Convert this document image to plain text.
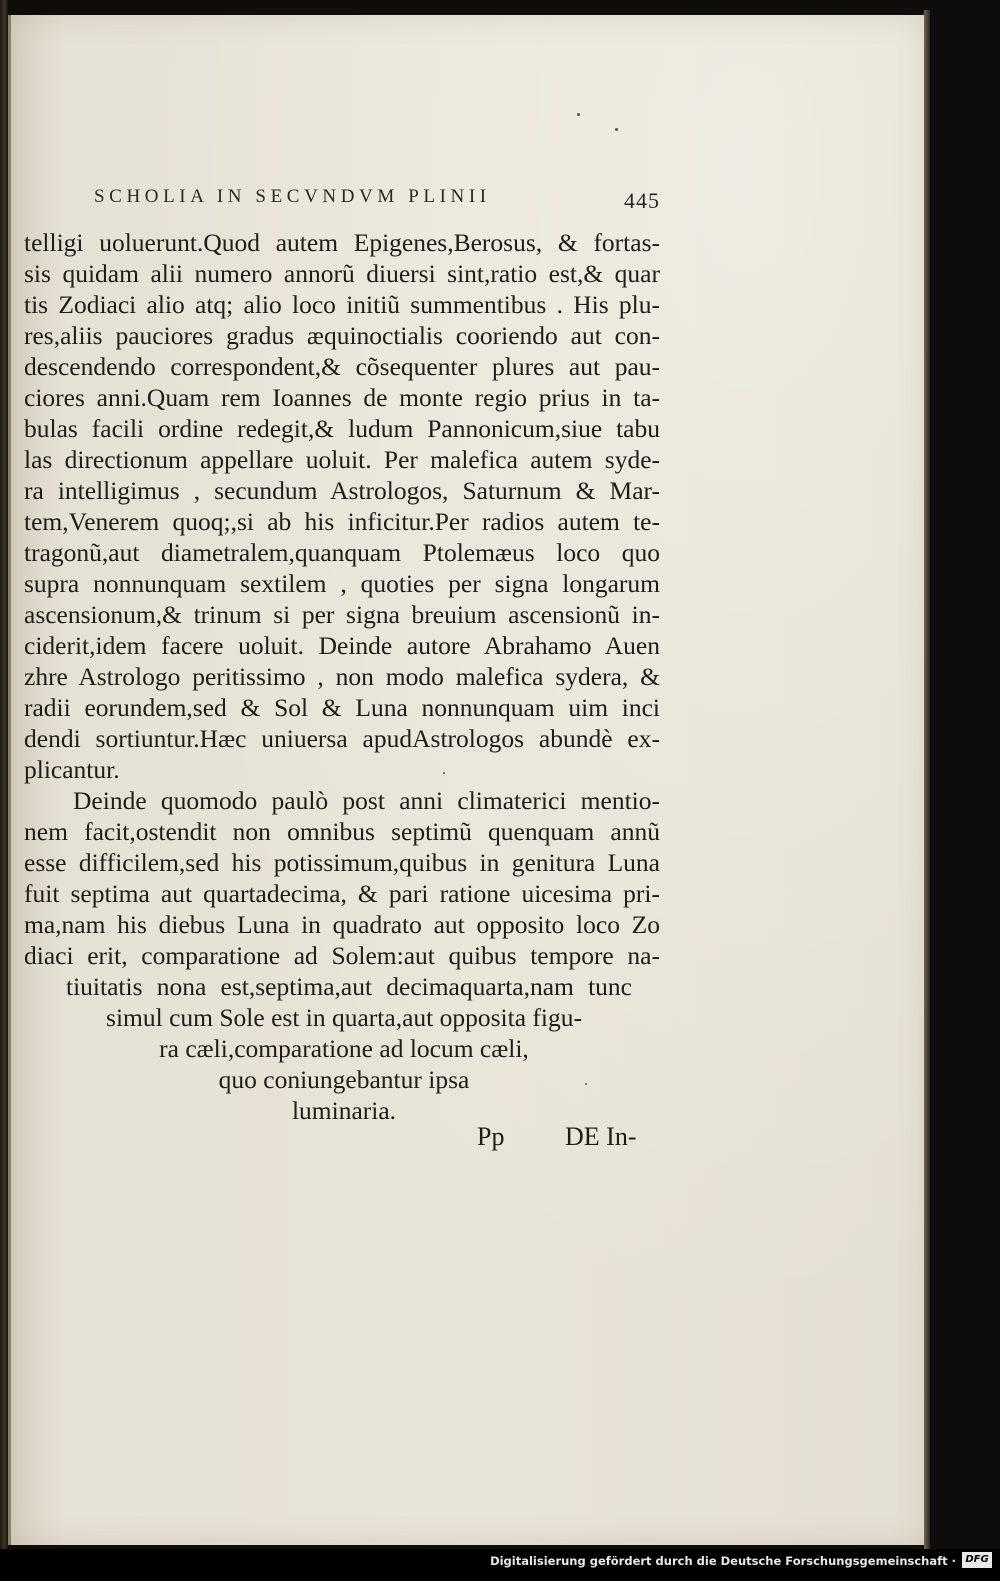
SCHOLIA IN SECVNDVM PLINII	445
telligi uoluerunt.Quod autem Epigenes,Berosus, & fortas-
sis quidam alii numero annorũ diuersi sint,ratio est,& quar
tis Zodiaci alio atq; alio loco initiũ summentibus . His plu-
res,aliis pauciores gradus æquinoctialis cooriendo aut con-
descendendo correspondent,& cõsequenter plures aut pau-
ciores anni.Quam rem Ioannes de monte regio prius in ta-
bulas facili ordine redegit,& ludum Pannonicum,siue tabu
las directionum appellare uoluit. Per malefica autem syde-
ra intelligimus , secundum Astrologos, Saturnum & Mar-
tem,Venerem quoq;,si ab his inficitur.Per radios autem te-
tragonũ,aut diametralem,quanquam Ptolemæus loco quo
supra nonnunquam sextilem , quoties per signa longarum
ascensionum,& trinum si per signa breuium ascensionũ in-
ciderit,idem facere uoluit. Deinde autore Abrahamo Auen
zhre Astrologo peritissimo , non modo malefica sydera, &
radii eorundem,sed & Sol & Luna nonnunquam uim inci
dendi sortiuntur.Hæc uniuersa apudAstrologos abundè ex-
plicantur.
Deinde quomodo paulò post anni climaterici mentio-
nem facit,ostendit non omnibus septimũ quenquam annũ
esse difficilem,sed his potissimum,quibus in genitura Luna
fuit septima aut quartadecima, & pari ratione uicesima pri-
ma,nam his diebus Luna in quadrato aut opposito loco Zo
diaci erit, comparatione ad Solem:aut quibus tempore na-
tiuitatis nona est,septima,aut decimaquarta,nam tunc
simul cum Sole est in quarta,aut opposita figu-
ra cæli,comparatione ad locum cæli,
quo coniungebantur ipsa
luminaria.
Pp DE In-
Digitalisierung gefördert durch die Deutsche Forschungsgemeinschaft · DFG
